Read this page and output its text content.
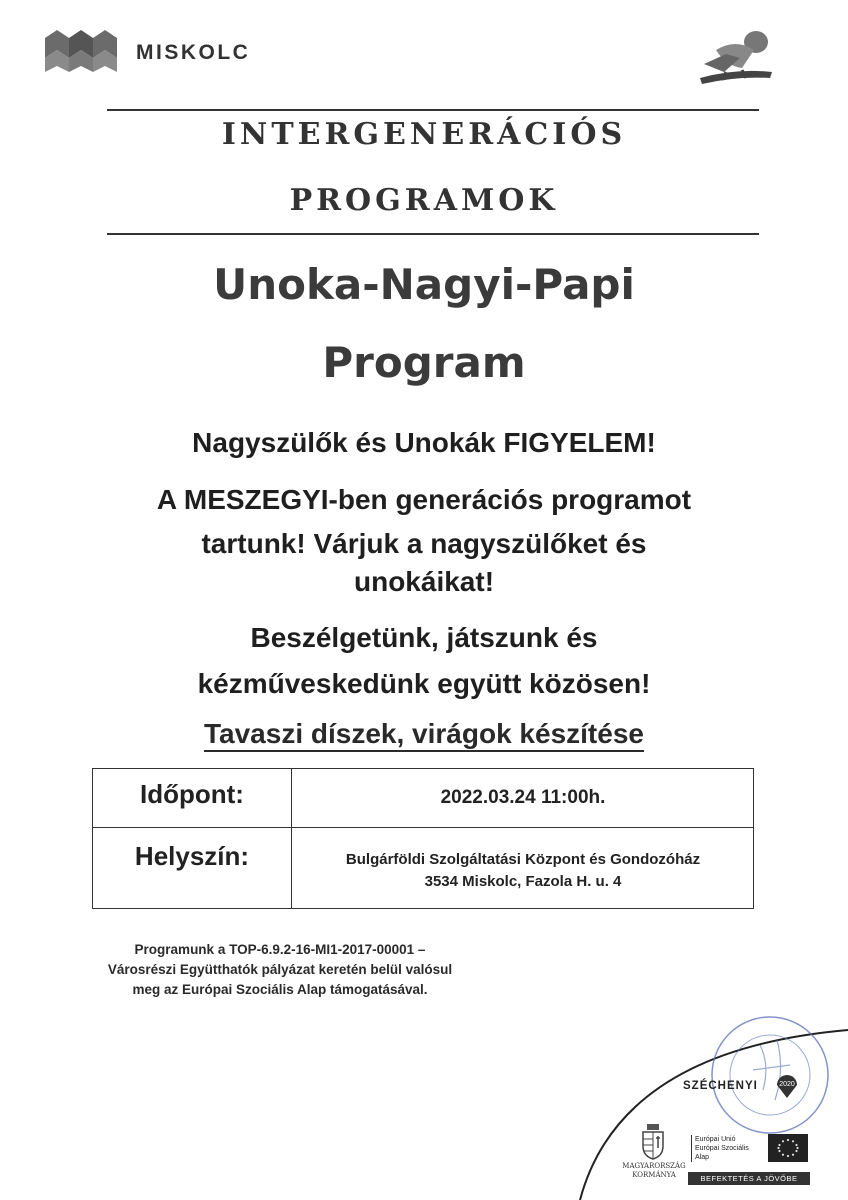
MISKOLC
INTERGENERÁCIÓS
PROGRAMOK
Unoka-Nagyi-Papi
Program
Nagyszülők és Unokák FIGYELEM!
A MESZEGYI-ben generációs programot
tartunk! Várjuk a nagyszülőket és
unokáikat!
Beszélgetünk, játszunk és
kézműveskedünk együtt közösen!
Tavaszi díszek, virágok készítése
Időpont:	2022.03.24 11:00h.
Helyszín:	Bulgárföldi Szolgáltatási Központ és Gondozóház
3534 Miskolc, Fazola H. u. 4
Programunk a TOP-6.9.2-16-MI1-2017-00001 –
Városrészi Együtthatók pályázat keretén belül valósul
meg az Európai Szociális Alap támogatásával.
SZÉCHENYI	2020
MAGYARORSZÁG
KORMÁNYA
Európai Unió
Európai Szociális
Alap
BEFEKTETÉS A JÖVŐBE
